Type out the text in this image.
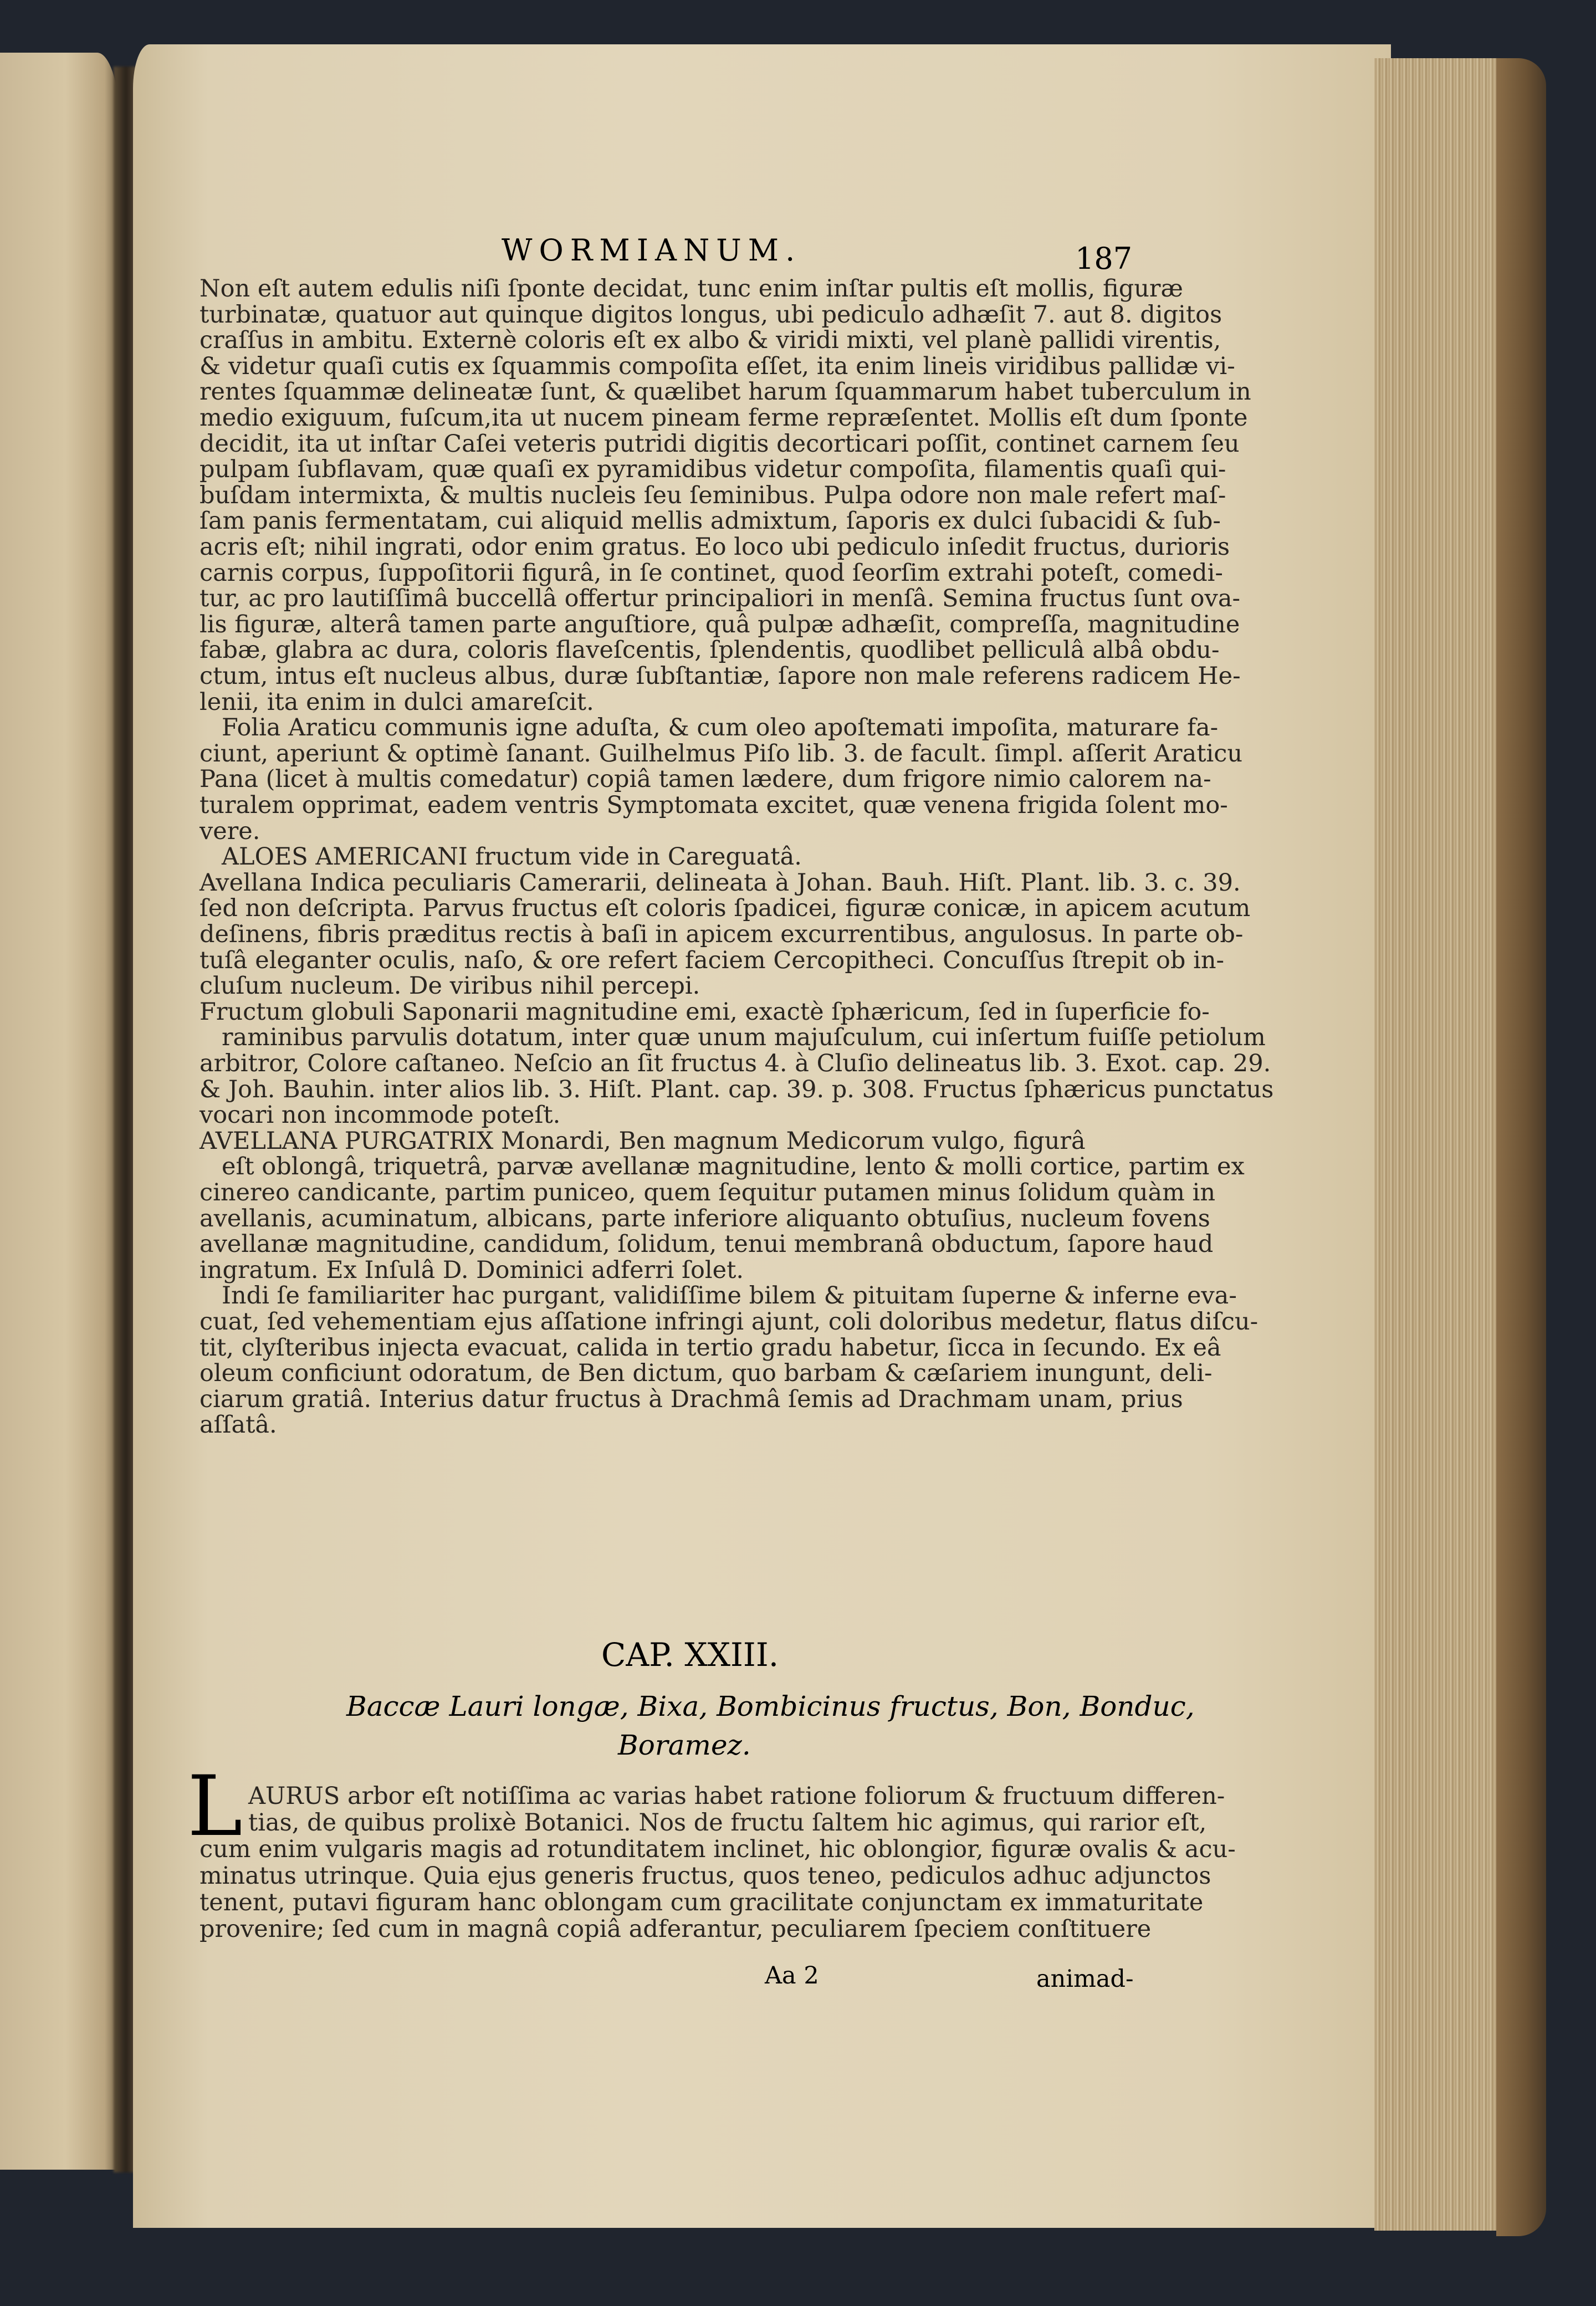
WORMIANUM.	187
Non eſt autem edulis niſi ſponte decidat, tunc enim inſtar pultis eſt mollis, figuræ
turbinatæ, quatuor aut quinque digitos longus, ubi pediculo adhæſit 7. aut 8. digitos
craſſus in ambitu. Externè coloris eſt ex albo & viridi mixti, vel planè pallidi virentis,
& videtur quaſi cutis ex ſquammis compoſita eſſet, ita enim lineis viridibus pallidæ vi-
rentes ſquammæ delineatæ ſunt, & quælibet harum ſquammarum habet tuberculum in
medio exiguum, fuſcum,ita ut nucem pineam ferme repræſentet. Mollis eſt dum ſponte
decidit, ita ut inſtar Caſei veteris putridi digitis decorticari poſſit, continet carnem ſeu
pulpam ſubflavam, quæ quaſi ex pyramidibus videtur compoſita, filamentis quaſi qui-
buſdam intermixta, & multis nucleis ſeu ſeminibus. Pulpa odore non male refert maſ-
ſam panis fermentatam, cui aliquid mellis admixtum, ſaporis ex dulci ſubacidi & ſub-
acris eſt; nihil ingrati, odor enim gratus. Eo loco ubi pediculo inſedit fructus, durioris
carnis corpus, ſuppoſitorii figurâ, in ſe continet, quod ſeorſim extrahi poteſt, comedi-
tur, ac pro lautiſſimâ buccellâ offertur principaliori in menſâ. Semina fructus ſunt ova-
lis figuræ, alterâ tamen parte anguſtiore, quâ pulpæ adhæſit, compreſſa, magnitudine
fabæ, glabra ac dura, coloris flaveſcentis, ſplendentis, quodlibet pelliculâ albâ obdu-
ctum, intus eſt nucleus albus, duræ ſubſtantiæ, ſapore non male referens radicem He-
lenii, ita enim in dulci amareſcit.
Folia Araticu communis igne aduſta, & cum oleo apoſtemati impoſita, maturare fa-
ciunt, aperiunt & optimè ſanant. Guilhelmus Piſo lib. 3. de facult. ſimpl. aſſerit Araticu
Pana (licet à multis comedatur) copiâ tamen lædere, dum frigore nimio calorem na-
turalem opprimat, eadem ventris Symptomata excitet, quæ venena frigida ſolent mo-
vere.
ALOES AMERICANI fructum vide in Careguatâ.
Avellana Indica peculiaris Camerarii, delineata à Johan. Bauh. Hiſt. Plant. lib. 3. c. 39.
ſed non deſcripta. Parvus fructus eſt coloris ſpadicei, figuræ conicæ, in apicem acutum
deſinens, fibris præditus rectis à baſi in apicem excurrentibus, angulosus. In parte ob-
tuſâ eleganter oculis, naſo, & ore refert faciem Cercopitheci. Concuſſus ſtrepit ob in-
cluſum nucleum. De viribus nihil percepi.
Fructum globuli Saponarii magnitudine emi, exactè ſphæricum, ſed in ſuperficie fo-
raminibus parvulis dotatum, inter quæ unum majuſculum, cui inſertum fuiſſe petiolum
arbitror, Colore caſtaneo. Neſcio an ſit fructus 4. à Cluſio delineatus lib. 3. Exot. cap. 29.
& Joh. Bauhin. inter alios lib. 3. Hiſt. Plant. cap. 39. p. 308. Fructus ſphæricus punctatus
vocari non incommode poteſt.
AVELLANA PURGATRIX Monardi, Ben magnum Medicorum vulgo, figurâ
eſt oblongâ, triquetrâ, parvæ avellanæ magnitudine, lento & molli cortice, partim ex
cinereo candicante, partim puniceo, quem ſequitur putamen minus ſolidum quàm in
avellanis, acuminatum, albicans, parte inferiore aliquanto obtuſius, nucleum fovens
avellanæ magnitudine, candidum, ſolidum, tenui membranâ obductum, ſapore haud
ingratum. Ex Inſulâ D. Dominici adferri ſolet.
Indi ſe familiariter hac purgant, validiſſime bilem & pituitam ſuperne & inferne eva-
cuat, ſed vehementiam ejus aſſatione infringi ajunt, coli doloribus medetur, flatus diſcu-
tit, clyſteribus injecta evacuat, calida in tertio gradu habetur, ſicca in ſecundo. Ex eâ
oleum conficiunt odoratum, de Ben dictum, quo barbam & cæſariem inungunt, deli-
ciarum gratiâ. Interius datur fructus à Drachmâ ſemis ad Drachmam unam, prius
aſſatâ.
CAP. XXIII.
Baccæ Lauri longæ, Bixa, Bombicinus fructus, Bon, Bonduc,
Boramez.
L AURUS arbor eſt notiſſima ac varias habet ratione foliorum & fructuum differen-
tias, de quibus prolixè Botanici. Nos de fructu ſaltem hic agimus, qui rarior eſt,
cum enim vulgaris magis ad rotunditatem inclinet, hic oblongior, figuræ ovalis & acu-
minatus utrinque. Quia ejus generis fructus, quos teneo, pediculos adhuc adjunctos
tenent, putavi figuram hanc oblongam cum gracilitate conjunctam ex immaturitate
provenire; ſed cum in magnâ copiâ adferantur, peculiarem ſpeciem conſtituere
Aa 2	animad-
